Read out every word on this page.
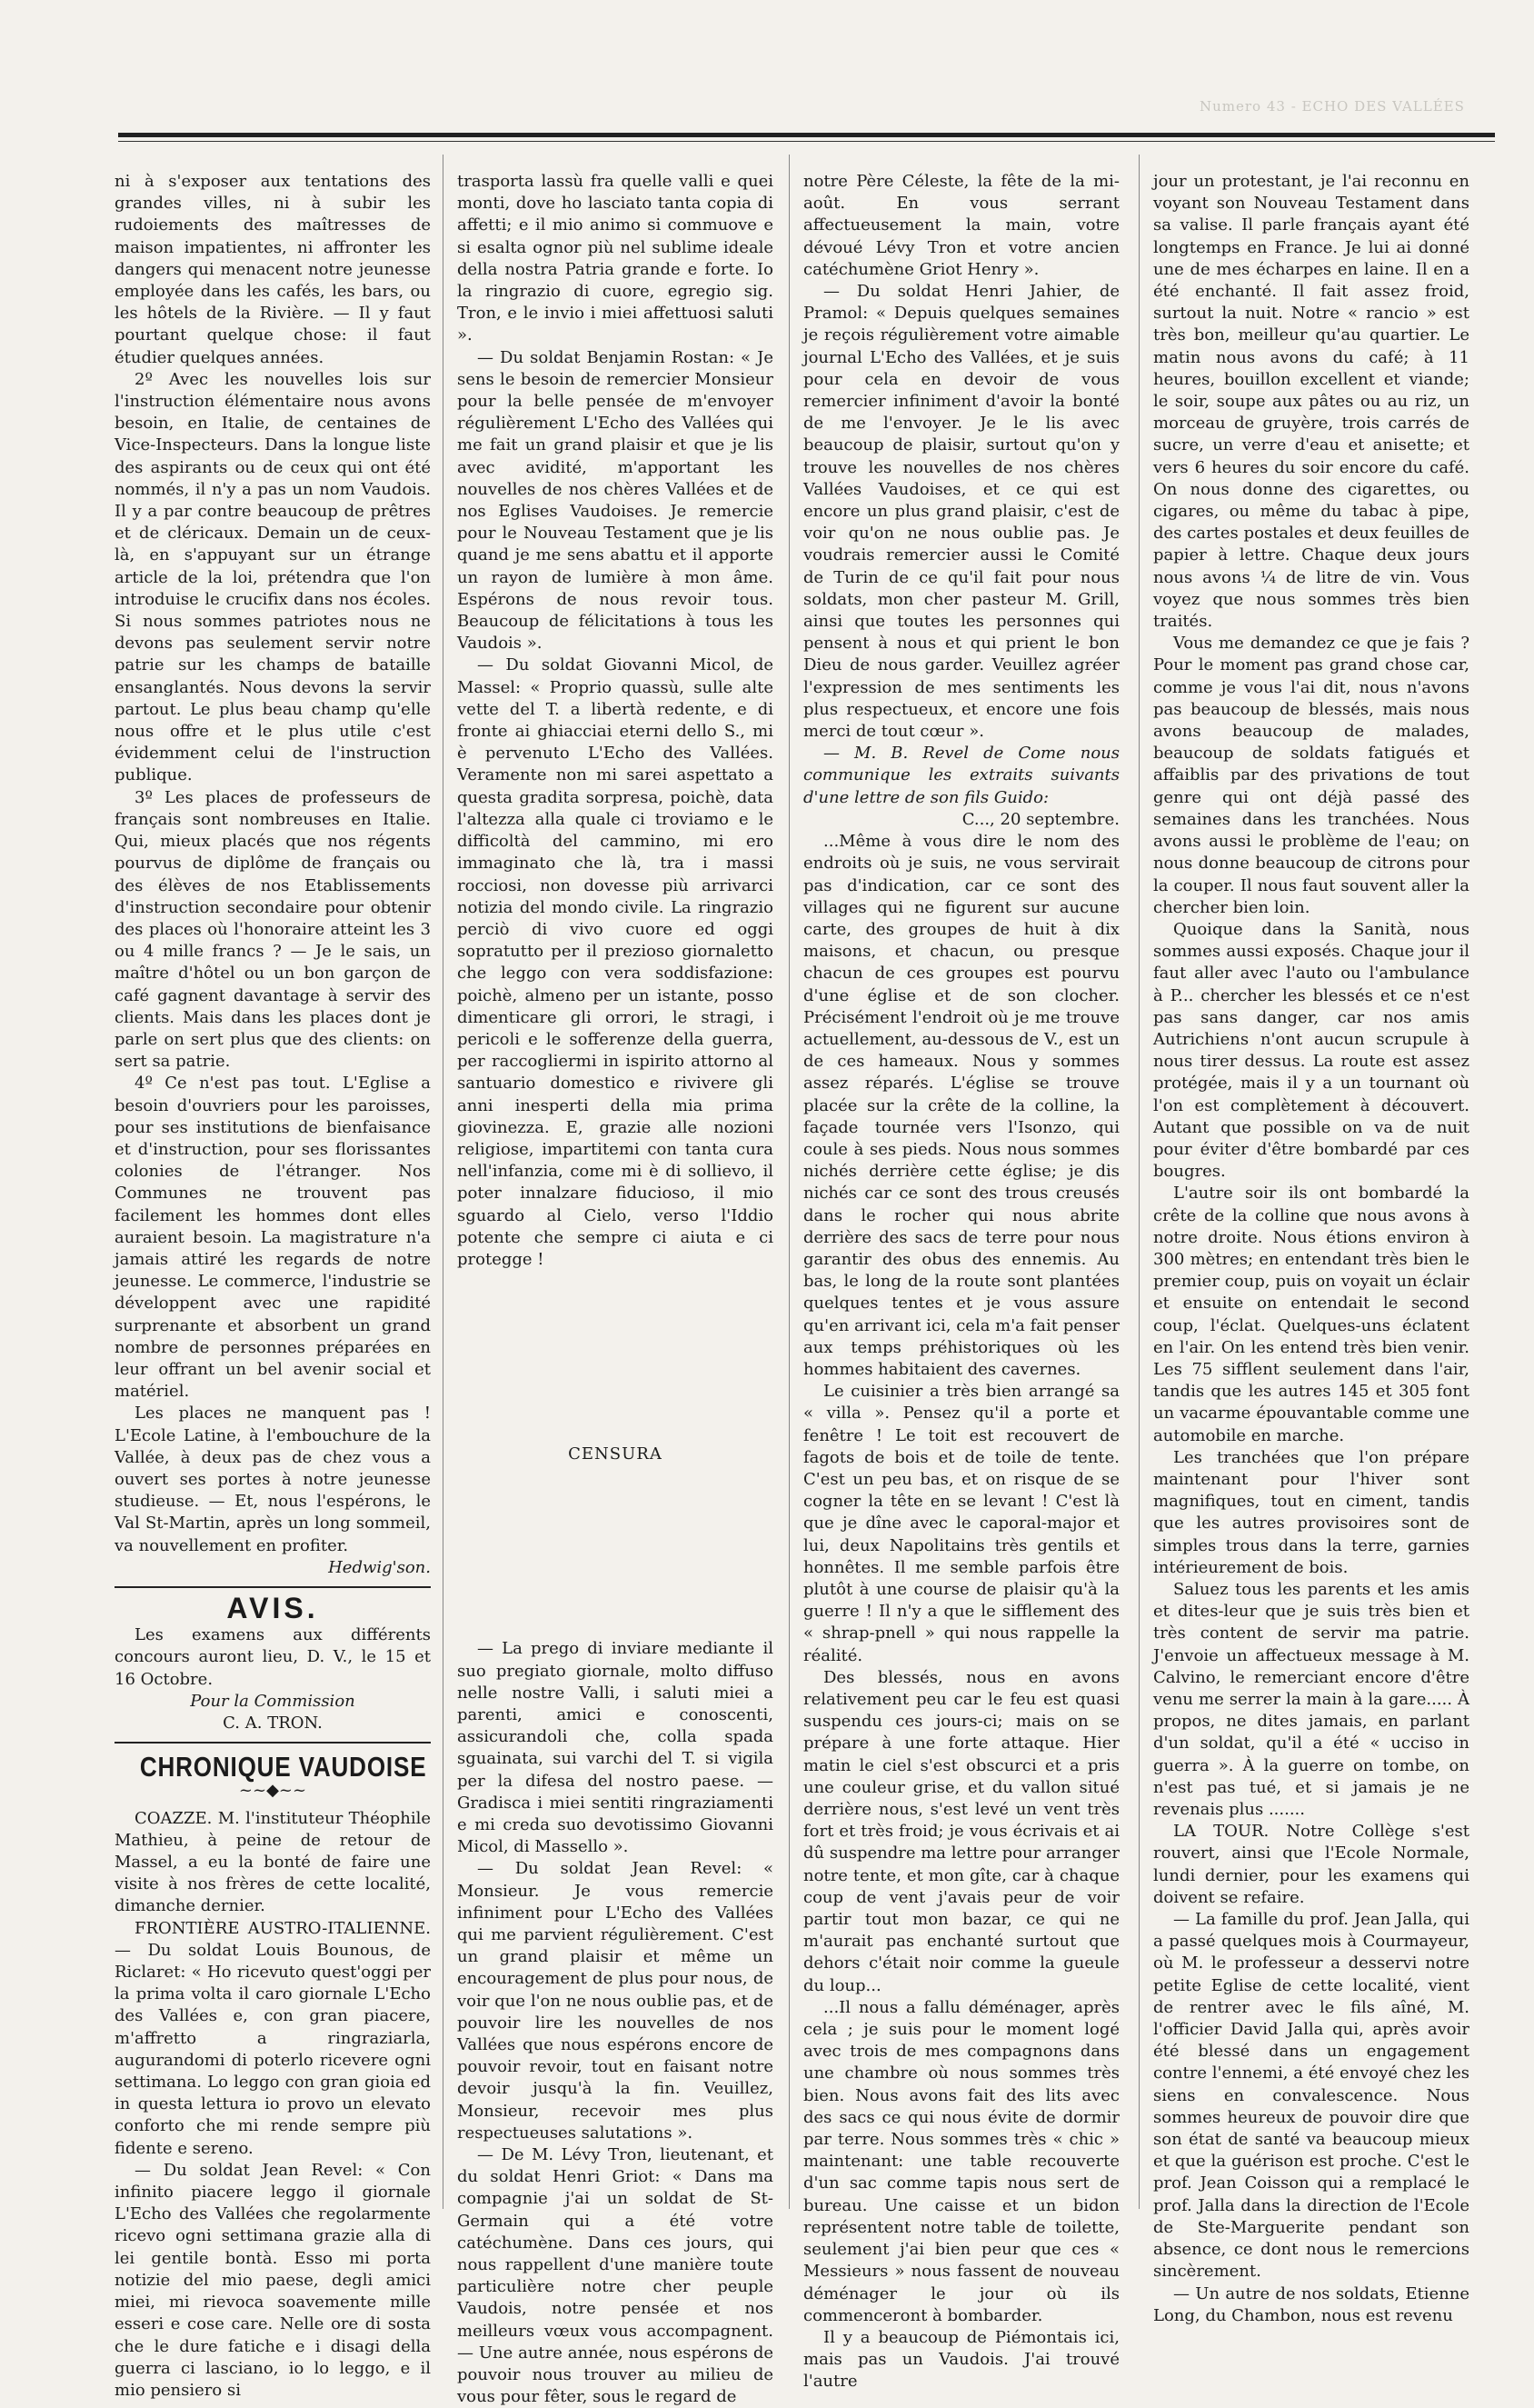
Numero 43 - ECHO DES VALLÉES

ni à s'exposer aux tentations des grandes villes, ni à subir les rudoiements des maîtresses de maison impatientes, ni affronter les dangers qui menacent notre jeunesse employée dans les cafés, les bars, ou les hôtels de la Rivière. — Il y faut pourtant quelque chose: il faut étudier quelques années.

2º Avec les nouvelles lois sur l'instruction élémentaire nous avons besoin, en Italie, de centaines de Vice-Inspecteurs. Dans la longue liste des aspirants ou de ceux qui ont été nommés, il n'y a pas un nom Vaudois. Il y a par contre beaucoup de prêtres et de cléricaux. Demain un de ceux-là, en s'appuyant sur un étrange article de la loi, prétendra que l'on introduise le crucifix dans nos écoles. Si nous sommes patriotes nous ne devons pas seulement servir notre patrie sur les champs de bataille ensanglantés. Nous devons la servir partout. Le plus beau champ qu'elle nous offre et le plus utile c'est évidemment celui de l'instruction publique.

3º Les places de professeurs de français sont nombreuses en Italie. Qui, mieux placés que nos régents pourvus de diplôme de français ou des élèves de nos Etablissements d'instruction secondaire pour obtenir des places où l'honoraire atteint les 3 ou 4 mille francs ? — Je le sais, un maître d'hôtel ou un bon garçon de café gagnent davantage à servir des clients. Mais dans les places dont je parle on sert plus que des clients: on sert sa patrie.

4º Ce n'est pas tout. L'Eglise a besoin d'ouvriers pour les paroisses, pour ses institutions de bienfaisance et d'instruction, pour ses florissantes colonies de l'étranger. Nos Communes ne trouvent pas facilement les hommes dont elles auraient besoin. La magistrature n'a jamais attiré les regards de notre jeunesse. Le commerce, l'industrie se développent avec une rapidité surprenante et absorbent un grand nombre de personnes préparées en leur offrant un bel avenir social et matériel.

Les places ne manquent pas ! L'Ecole Latine, à l'embouchure de la Vallée, à deux pas de chez vous a ouvert ses portes à notre jeunesse studieuse. — Et, nous l'espérons, le Val St-Martin, après un long sommeil, va nouvellement en profiter.

Hedwig'son.
AVIS.

Les examens aux différents concours auront lieu, D. V., le 15 et 16 Octobre.

Pour la Commission

C. A. TRON.

CHRONIQUE VAUDOISE
~~◆~~

COAZZE. M. l'instituteur Théophile Mathieu, à peine de retour de Massel, a eu la bonté de faire une visite à nos frères de cette localité, dimanche dernier.

FRONTIÈRE AUSTRO-ITALIENNE. — Du soldat Louis Bounous, de Riclaret: « Ho ricevuto quest'oggi per la prima volta il caro giornale L'Echo des Vallées e, con gran piacere, m'affretto a ringraziarla, augurandomi di poterlo ricevere ogni settimana. Lo leggo con gran gioia ed in questa lettura io provo un elevato conforto che mi rende sempre più fidente e sereno.

— Du soldat Jean Revel: « Con infinito piacere leggo il giornale L'Echo des Vallées che regolarmente ricevo ogni settimana grazie alla di lei gentile bontà. Esso mi porta notizie del mio paese, degli amici miei, mi rievoca soavemente mille esseri e cose care. Nelle ore di sosta che le dure fatiche e i disagi della guerra ci lasciano, io lo leggo, e il mio pensiero si

trasporta lassù fra quelle valli e quei monti, dove ho lasciato tanta copia di affetti; e il mio animo si commuove e si esalta ognor più nel sublime ideale della nostra Patria grande e forte. Io la ringrazio di cuore, egregio sig. Tron, e le invio i miei affettuosi saluti ».

— Du soldat Benjamin Rostan: « Je sens le besoin de remercier Monsieur pour la belle pensée de m'envoyer régulièrement L'Echo des Vallées qui me fait un grand plaisir et que je lis avec avidité, m'apportant les nouvelles de nos chères Vallées et de nos Eglises Vaudoises. Je remercie pour le Nouveau Testament que je lis quand je me sens abattu et il apporte un rayon de lumière à mon âme. Espérons de nous revoir tous. Beaucoup de félicitations à tous les Vaudois ».

— Du soldat Giovanni Micol, de Massel: « Proprio quassù, sulle alte vette del T. a libertà redente, e di fronte ai ghiacciai eterni dello S., mi è pervenuto L'Echo des Vallées. Veramente non mi sarei aspettato a questa gradita sorpresa, poichè, data l'altezza alla quale ci troviamo e le difficoltà del cammino, mi ero immaginato che là, tra i massi rocciosi, non dovesse più arrivarci notizia del mondo civile. La ringrazio perciò di vivo cuore ed oggi sopratutto per il prezioso giornaletto che leggo con vera soddisfazione: poichè, almeno per un istante, posso dimenticare gli orrori, le stragi, i pericoli e le sofferenze della guerra, per raccogliermi in ispirito attorno al santuario domestico e rivivere gli anni inesperti della mia prima giovinezza. E, grazie alle nozioni religiose, impartitemi con tanta cura nell'infanzia, come mi è di sollievo, il poter innalzare fiducioso, il mio sguardo al Cielo, verso l'Iddio potente che sempre ci aiuta e ci protegge !

CENSURA

— La prego di inviare mediante il suo pregiato giornale, molto diffuso nelle nostre Valli, i saluti miei a parenti, amici e conoscenti, assicurandoli che, colla spada sguainata, sui varchi del T. si vigila per la difesa del nostro paese. — Gradisca i miei sentiti ringraziamenti e mi creda suo devotissimo Giovanni Micol, di Massello ».

— Du soldat Jean Revel: « Monsieur. Je vous remercie infiniment pour L'Echo des Vallées qui me parvient régulièrement. C'est un grand plaisir et même un encouragement de plus pour nous, de voir que l'on ne nous oublie pas, et de pouvoir lire les nouvelles de nos Vallées que nous espérons encore de pouvoir revoir, tout en faisant notre devoir jusqu'à la fin. Veuillez, Monsieur, recevoir mes plus respectueuses salutations ».

— De M. Lévy Tron, lieutenant, et du soldat Henri Griot: « Dans ma compagnie j'ai un soldat de St-Germain qui a été votre catéchumène. Dans ces jours, qui nous rappellent d'une manière toute particulière notre cher peuple Vaudois, notre pensée et nos meilleurs vœux vous accompagnent. — Une autre année, nous espérons de pouvoir nous trouver au milieu de vous pour fêter, sous le regard de

notre Père Céleste, la fête de la mi-août. En vous serrant affectueusement la main, votre dévoué Lévy Tron et votre ancien catéchumène Griot Henry ».

— Du soldat Henri Jahier, de Pramol: « Depuis quelques semaines je reçois régulièrement votre aimable journal L'Echo des Vallées, et je suis pour cela en devoir de vous remercier infiniment d'avoir la bonté de me l'envoyer. Je le lis avec beaucoup de plaisir, surtout qu'on y trouve les nouvelles de nos chères Vallées Vaudoises, et ce qui est encore un plus grand plaisir, c'est de voir qu'on ne nous oublie pas. Je voudrais remercier aussi le Comité de Turin de ce qu'il fait pour nous soldats, mon cher pasteur M. Grill, ainsi que toutes les personnes qui pensent à nous et qui prient le bon Dieu de nous garder. Veuillez agréer l'expression de mes sentiments les plus respectueux, et encore une fois merci de tout cœur ».

— M. B. Revel de Come nous communique les extraits suivants d'une lettre de son fils Guido:

C..., 20 septembre.

...Même à vous dire le nom des endroits où je suis, ne vous servirait pas d'indication, car ce sont des villages qui ne figurent sur aucune carte, des groupes de huit à dix maisons, et chacun, ou presque chacun de ces groupes est pourvu d'une église et de son clocher. Précisément l'endroit où je me trouve actuellement, au-dessous de V., est un de ces hameaux. Nous y sommes assez réparés. L'église se trouve placée sur la crête de la colline, la façade tournée vers l'Isonzo, qui coule à ses pieds. Nous nous sommes nichés derrière cette église; je dis nichés car ce sont des trous creusés dans le rocher qui nous abrite derrière des sacs de terre pour nous garantir des obus des ennemis. Au bas, le long de la route sont plantées quelques tentes et je vous assure qu'en arrivant ici, cela m'a fait penser aux temps préhistoriques où les hommes habitaient des cavernes.

Le cuisinier a très bien arrangé sa « villa ». Pensez qu'il a porte et fenêtre ! Le toit est recouvert de fagots de bois et de toile de tente. C'est un peu bas, et on risque de se cogner la tête en se levant ! C'est là que je dîne avec le caporal-major et lui, deux Napolitains très gentils et honnêtes. Il me semble parfois être plutôt à une course de plaisir qu'à la guerre ! Il n'y a que le sifflement des « shrap-pnell » qui nous rappelle la réalité.

Des blessés, nous en avons relativement peu car le feu est quasi suspendu ces jours-ci; mais on se prépare à une forte attaque. Hier matin le ciel s'est obscurci et a pris une couleur grise, et du vallon situé derrière nous, s'est levé un vent très fort et très froid; je vous écrivais et ai dû suspendre ma lettre pour arranger notre tente, et mon gîte, car à chaque coup de vent j'avais peur de voir partir tout mon bazar, ce qui ne m'aurait pas enchanté surtout que dehors c'était noir comme la gueule du loup...

...Il nous a fallu déménager, après cela ; je suis pour le moment logé avec trois de mes compagnons dans une chambre où nous sommes très bien. Nous avons fait des lits avec des sacs ce qui nous évite de dormir par terre. Nous sommes très « chic » maintenant: une table recouverte d'un sac comme tapis nous sert de bureau. Une caisse et un bidon représentent notre table de toilette, seulement j'ai bien peur que ces « Messieurs » nous fassent de nouveau déménager le jour où ils commenceront à bombarder.

Il y a beaucoup de Piémontais ici, mais pas un Vaudois. J'ai trouvé l'autre

jour un protestant, je l'ai reconnu en voyant son Nouveau Testament dans sa valise. Il parle français ayant été longtemps en France. Je lui ai donné une de mes écharpes en laine. Il en a été enchanté. Il fait assez froid, surtout la nuit. Notre « rancio » est très bon, meilleur qu'au quartier. Le matin nous avons du café; à 11 heures, bouillon excellent et viande; le soir, soupe aux pâtes ou au riz, un morceau de gruyère, trois carrés de sucre, un verre d'eau et anisette; et vers 6 heures du soir encore du café. On nous donne des cigarettes, ou cigares, ou même du tabac à pipe, des cartes postales et deux feuilles de papier à lettre. Chaque deux jours nous avons ¼ de litre de vin. Vous voyez que nous sommes très bien traités.

Vous me demandez ce que je fais ? Pour le moment pas grand chose car, comme je vous l'ai dit, nous n'avons pas beaucoup de blessés, mais nous avons beaucoup de malades, beaucoup de soldats fatigués et affaiblis par des privations de tout genre qui ont déjà passé des semaines dans les tranchées. Nous avons aussi le problème de l'eau; on nous donne beaucoup de citrons pour la couper. Il nous faut souvent aller la chercher bien loin.

Quoique dans la Sanità, nous sommes aussi exposés. Chaque jour il faut aller avec l'auto ou l'ambulance à P... chercher les blessés et ce n'est pas sans danger, car nos amis Autrichiens n'ont aucun scrupule à nous tirer dessus. La route est assez protégée, mais il y a un tournant où l'on est complètement à découvert. Autant que possible on va de nuit pour éviter d'être bombardé par ces bougres.

L'autre soir ils ont bombardé la crête de la colline que nous avons à notre droite. Nous étions environ à 300 mètres; en entendant très bien le premier coup, puis on voyait un éclair et ensuite on entendait le second coup, l'éclat. Quelques-uns éclatent en l'air. On les entend très bien venir. Les 75 sifflent seulement dans l'air, tandis que les autres 145 et 305 font un vacarme épouvantable comme une automobile en marche.

Les tranchées que l'on prépare maintenant pour l'hiver sont magnifiques, tout en ciment, tandis que les autres provisoires sont de simples trous dans la terre, garnies intérieurement de bois.

Saluez tous les parents et les amis et dites-leur que je suis très bien et très content de servir ma patrie. J'envoie un affectueux message à M. Calvino, le remerciant encore d'être venu me serrer la main à la gare..... À propos, ne dites jamais, en parlant d'un soldat, qu'il a été « ucciso in guerra ». À la guerre on tombe, on n'est pas tué, et si jamais je ne revenais plus .......

LA TOUR. Notre Collège s'est rouvert, ainsi que l'Ecole Normale, lundi dernier, pour les examens qui doivent se refaire.

— La famille du prof. Jean Jalla, qui a passé quelques mois à Courmayeur, où M. le professeur a desservi notre petite Eglise de cette localité, vient de rentrer avec le fils aîné, M. l'officier David Jalla qui, après avoir été blessé dans un engagement contre l'ennemi, a été envoyé chez les siens en convalescence. Nous sommes heureux de pouvoir dire que son état de santé va beaucoup mieux et que la guérison est proche. C'est le prof. Jean Coisson qui a remplacé le prof. Jalla dans la direction de l'Ecole de Ste-Marguerite pendant son absence, ce dont nous le remercions sincèrement.

— Un autre de nos soldats, Etienne Long, du Chambon, nous est revenu
